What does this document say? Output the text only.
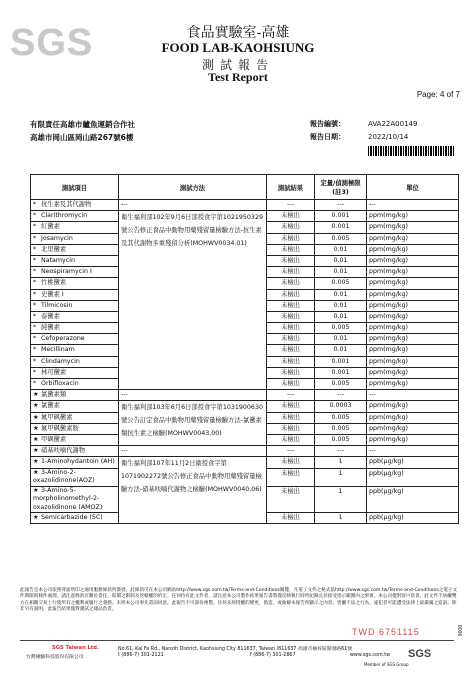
SGS	食品實驗室-高雄
FOOD LAB-KAOHSIUNG
測試報告
Test Report
Page: 4 of 7
有限責任高雄市鱸魚運銷合作社
高雄市岡山區岡山路267號6樓
報告編號：	AVA22A00149
報告日期：	2022/10/14
測試項目	測試方法	測試結果	定量/偵測極限(註3)	單位
* 抗生素及其代謝物	---	---	---	---
* Clarithromycin	衛生福利部102年9月6日部授食字第1021950329號公告修正食品中動物用藥殘留量檢驗方法-抗生素及其代謝物多重殘留分析(MOHWV0034.01)	未檢出	0.001	ppm(mg/kg)
* 紅黴素		未檢出	0.001	ppm(mg/kg)
* Josamycin		未檢出	0.005	ppm(mg/kg)
* 北里黴素		未檢出	0.01	ppm(mg/kg)
* Natamycin		未檢出	0.01	ppm(mg/kg)
* Neospiramycin I		未檢出	0.01	ppm(mg/kg)
* 竹桃黴素		未檢出	0.005	ppm(mg/kg)
* 史黴素 I		未檢出	0.01	ppm(mg/kg)
* Tilmicosin		未檢出	0.01	ppm(mg/kg)
* 泰黴素		未檢出	0.01	ppm(mg/kg)
* 純黴素		未檢出	0.005	ppm(mg/kg)
* Cefoperazone		未檢出	0.01	ppm(mg/kg)
* Mecillinam		未檢出	0.01	ppm(mg/kg)
* Clindamycin		未檢出	0.001	ppm(mg/kg)
* 林可黴素		未檢出	0.001	ppm(mg/kg)
* Orbifloxacin		未檢出	0.005	ppm(mg/kg)
★ 氯黴素類	---	---	---	---
★ 氯黴素	衛生福利部103年6月6日部授食字第1031900630號公告訂定食品中動物用藥殘留量檢驗方法-氯黴素類抗生素之檢驗(MOHWV0043.00)	未檢出	0.0003	ppm(mg/kg)
★ 氟甲砜黴素		未檢出	0.005	ppm(mg/kg)
★ 氟甲砜黴素胺		未檢出	0.005	ppm(mg/kg)
★ 甲砜黴素		未檢出	0.005	ppm(mg/kg)
★ 硝基呋喃代謝物	---	---	---	---
★ 1-Aminohydantoin (AH)	衛生福利部107年11月2日衛授食字第1071902272號公告修正食品中動物用藥殘留量檢驗方法-硝基呋喃代謝物之檢驗(MOHWV0040.06)	未檢出	1	ppb(μg/kg)
★ 3-Amino-2-oxazolidinone(AOZ)		未檢出	1	ppb(μg/kg)
★ 3-Amino-5-morpholinomethyl-2-oxazolidinone (AMOZ)		未檢出	1	ppb(μg/kg)
★ Semicarbazide (SC)		未檢出	1	ppb(μg/kg)
此報告是本公司依照背面所印之通用服務條款所簽發，此條款可在本公司網站http://www.sgs.com.tw/Terms-and-Conditions閱覽，凡電子文件之格式依http://www.sgs.com.tw/Terms-and-Conditions之電子文件期限與條件處理。請注意條款有關於責任、賠償之限制及管轄權的約定。任何持有此文件者，請注意本公司製作結果報告書將僅反映執行時所紀錄且於接受指示範圍內之事實。本公司僅對客戶負責，此文件不妨礙雙方在相關交易上行使所有之權利或履行之義務。未經本公司事先書面同意，此報告不可部份複製。任何未經授權的變更、偽造、或曲解本報告所顯示之內容，皆屬不法之行為，違犯者可能遭受法律上最嚴厲之追訴。除非另有說明，此報告結果僅對測試之樣品負責。
TWD 6751115	8006
SGS Taiwan Ltd.
台灣檢驗科技股份有限公司
No.61, Kai Fa Rd., Nanzih District, Kaohsiung City 811637, Taiwan /811637 高雄市楠梓區開發路61號
t (886-7) 301-2121	f (886-7) 301-2867	www.sgs.com.tw SGS
Member of SGS Group
